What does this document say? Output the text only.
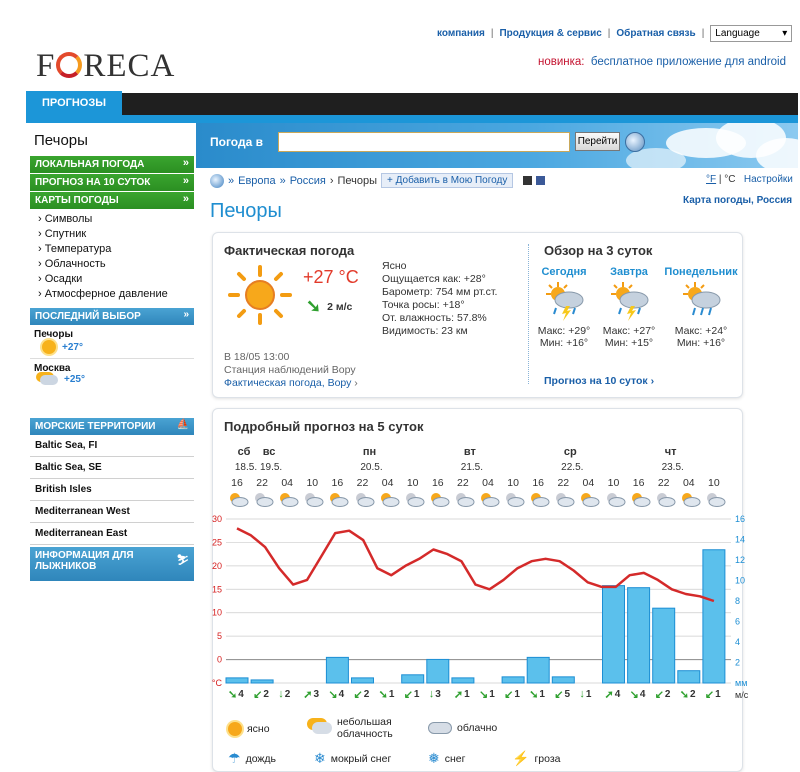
компания | Продукция & сервис | Обратная связь | Language ▾
F RECA	новинка: бесплатное приложение для android
ПРОГНОЗЫ
Погода в	Перейти
Печоры
ЛОКАЛЬНАЯ ПОГОДА	»
ПРОГНОЗ НА 10 СУТОК	»
КАРТЫ ПОГОДЫ	»
› Символы
› Спутник
› Температура
› Облачность
› Осадки
› Атмосферное давление
ПОСЛЕДНИЙ ВЫБОР	»
Печоры
+27°
Москва
+25°
МОРСКИЕ ТЕРРИТОРИИ ⛵
Baltic Sea, FI
Baltic Sea, SE
British Isles
Mediterranean West
Mediterranean East
ИНФОРМАЦИЯ ДЛЯ ЛЫЖНИКОВ
⛷
» Европа » Россия › Печоры	+ Добавить в Мою Погоду	°F | °C Настройки
Карта погоды, Россия
Печоры
Фактическая погода
+27 °C
➘ 2 м/с
Ясно
Ощущается как: +28°
Барометр: 754 мм рт.ст.
Точка росы: +18°
От. влажность: 57.8%
Видимость: 23 км
В 18/05 13:00
Станция наблюдений Вору
Фактическая погода, Вору ›
Обзор на 3 суток
Сегодня
Макс: +29°
Мин: +16°
Завтра
Макс: +27°
Мин: +15°
Понедельник
Макс: +24°
Мин: +16°
Прогноз на 10 суток ›
Подробный прогноз на 5 суток
сб
18.5.
вс
19.5.
пн
20.5.
вт
21.5.
ср
22.5.
чт
23.5.
16 22 04 10 16 22 04 10 16 22 04 10 16 22 04 10 16 22 04 10
°C
0
5
10
15
20
25
30
мм
2
4
6
8
10
12
14
16
➘ 4 ↙ 2 ↓ 2 ➚ 3 ↘ 4 ↙ 2 ➘ 1 ↙ 1 ↓ 3 ➚ 1 ↘ 1 ↙ 1 ➘ 1 ↙ 5 ↓ 1 ➚ 4 ↘ 4 ↙ 2 ➘ 2 ↙ 1 м/с
ясно
небольшая
облачность	облачно
☂ дождь	❄ мокрый снег	❅ снег	⚡ гроза
